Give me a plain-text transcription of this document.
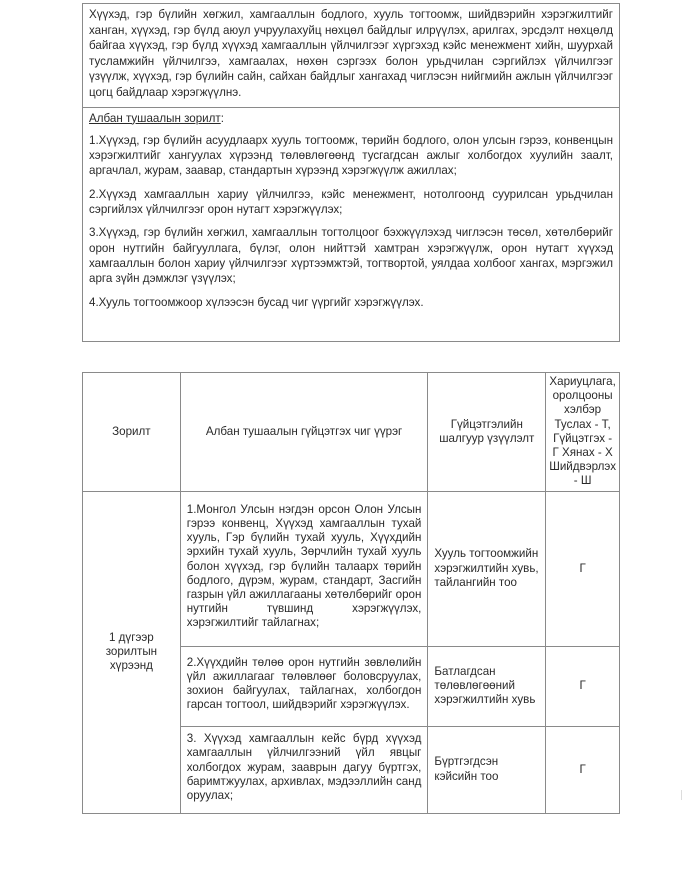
Хүүхэд, гэр бүлийн хөгжил, хамгааллын бодлого, хууль тогтоомж, шийдвэрийн хэрэгжилтийг ханган, хүүхэд, гэр бүлд аюул учруулахуйц нөхцөл байдлыг илрүүлэх, арилгах, эрсдэлт нөхцөлд байгаа хүүхэд, гэр бүлд хүүхэд хамгааллын үйлчилгээг хүргэхэд кэйс менежмент хийн, шуурхай тусламжийн үйлчилгээ, хамгаалах, нөхөн сэргээх болон урьдчилан сэргийлэх үйлчилгээг үзүүлж, хүүхэд, гэр бүлийн сайн, сайхан байдлыг хангахад чиглэсэн нийгмийн ажлын үйлчилгээг цогц байдлаар хэрэгжүүлнэ.

Албан тушаалын зорилт:

1.Хүүхэд, гэр бүлийн асуудлаарх хууль тогтоомж, төрийн бодлого, олон улсын гэрээ, конвенцын хэрэгжилтийг хангуулах хүрээнд төлөвлөгөөнд тусгагдсан ажлыг холбогдох хуулийн заалт, аргачлал, журам, заавар, стандартын хүрээнд хэрэгжүүлж ажиллах;

2.Хүүхэд хамгааллын хариу үйлчилгээ, кэйс менежмент, нотолгоонд суурилсан урьдчилан сэргийлэх үйлчилгээг орон нутагт хэрэгжүүлэх;

3.Хүүхэд, гэр бүлийн хөгжил, хамгааллын тогтолцоог бэхжүүлэхэд чиглэсэн төсөл, хөтөлбөрийг орон нутгийн байгууллага, бүлэг, олон нийттэй хамтран хэрэгжүүлж, орон нутагт хүүхэд хамгааллын болон хариу үйлчилгээг хүртээмжтэй, тогтвортой, уялдаа холбоог хангах, мэргэжил арга зүйн дэмжлэг үзүүлэх;

4.Хууль тогтоомжоор хүлээсэн бусад чиг үүргийг хэрэгжүүлэх.

Зорилт	Албан тушаалын гүйцэтгэх чиг үүрэг	Гүйцэтгэлийн шалгуур үзүүлэлт	Хариуцлага, оролцооны хэлбэр Туслах - Т, Гүйцэтгэх - Г Хянах - Х Шийдвэрлэх - Ш
1 дүгээр зорилтын хүрээнд	1.Монгол Улсын нэгдэн орсон Олон Улсын гэрээ конвенц, Хүүхэд хамгааллын тухай хууль, Гэр бүлийн тухай хууль, Хүүхдийн эрхийн тухай хууль, Зөрчлийн тухай хууль болон хүүхэд, гэр бүлийн талаарх төрийн бодлого, дүрэм, журам, стандарт, Засгийн газрын үйл ажиллагааны хөтөлбөрийг орон нутгийн түвшинд хэрэгжүүлэх, хэрэгжилтийг тайлагнах;	Хууль тогтоомжийн хэрэгжилтийн хувь, тайлангийн тоо	Г
	2.Хүүхдийн төлөө орон нутгийн зөвлөлийн үйл ажиллагааг төлөвлөөг боловсруулах, зохион байгуулах, тайлагнах, холбогдон гарсан тогтоол, шийдвэрийг хэрэгжүүлэх.	Батлагдсан төлөвлөгөөний хэрэгжилтийн хувь	Г
	3. Хүүхэд хамгааллын кейс бүрд хүүхэд хамгааллын үйлчилгээний үйл явцыг холбогдох журам, зааврын дагуу бүртгэх, баримтжуулах, архивлах, мэдээллийн санд оруулах;	Бүртгэгдсэн кэйсийн тоо	Г
